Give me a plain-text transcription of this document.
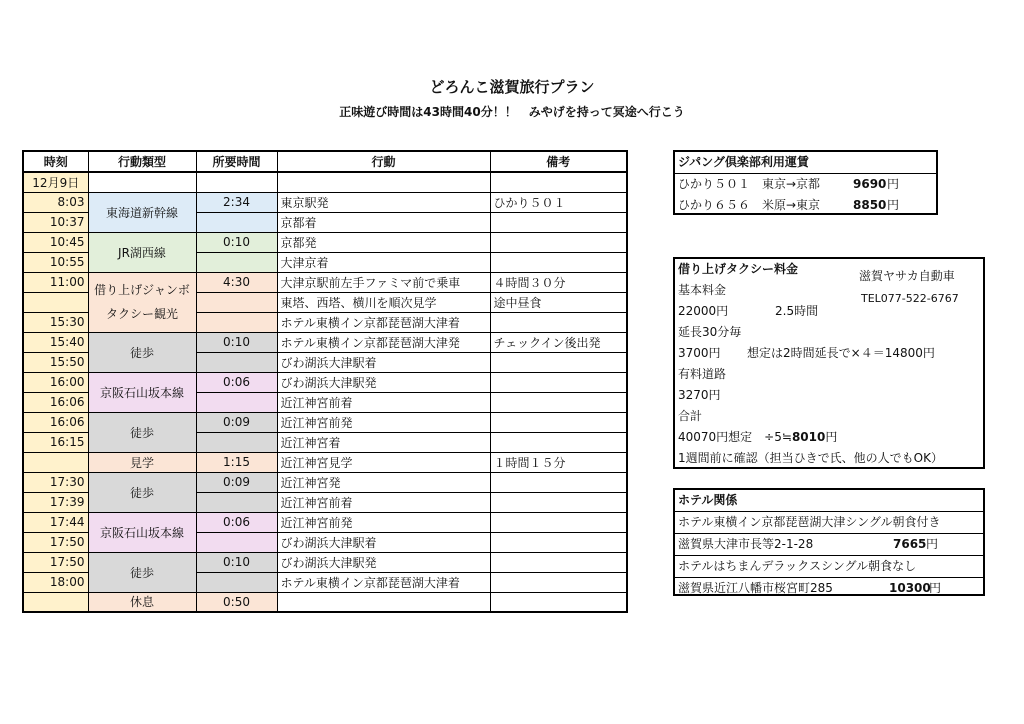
どろんこ滋賀旅行プラン
正味遊び時間は43時間40分！！　みやげを持って冥途へ行こう
時刻	行動類型	所要時間	行動	備考
12月9日				
8:03	東海道新幹線	2:34	東京駅発	ひかり５０１
10:37			京都着	
10:45	JR湖西線	0:10	京都発	
10:55			大津京着	
11:00	借り上げジャンボタクシー観光	4:30	大津京駅前左手ファミマ前で乗車	４時間３０分
			東塔、西塔、横川を順次見学	途中昼食
15:30			ホテル東横イン京都琵琶湖大津着	
15:40	徒歩	0:10	ホテル東横イン京都琵琶湖大津発	チェックイン後出発
15:50			びわ湖浜大津駅着	
16:00	京阪石山坂本線	0:06	びわ湖浜大津駅発	
16:06			近江神宮前着	
16:06	徒歩	0:09	近江神宮前発	
16:15			近江神宮着	
	見学	1:15	近江神宮見学	１時間１５分
17:30	徒歩	0:09	近江神宮発	
17:39			近江神宮前着	
17:44	京阪石山坂本線	0:06	近江神宮前発	
17:50			びわ湖浜大津駅着	
17:50	徒歩	0:10	びわ湖浜大津駅発	
18:00			ホテル東横イン京都琵琶湖大津着	
	休息	0:50		
ジパング倶楽部利用運賃
ひかり５０１　東京→京都	9690 円
ひかり６５６　米原→東京	8850 円
借り上げタクシー料金	滋賀ヤサカ自動車
TEL077-522-6767
基本料金
22000円	2.5時間
延長30分毎
3700円 想定は2時間延長で×４＝14800円
有料道路
3270円
合計
40070円想定　÷5≒8010円
1週間前に確認（担当ひきで氏、他の人でもOK）
ホテル関係
ホテル東横イン京都琵琶湖大津シングル朝食付き
滋賀県大津市長等2-1-28	7665 円
ホテルはちまんデラックスシングル朝食なし
滋賀県近江八幡市桜宮町285	10300
円
